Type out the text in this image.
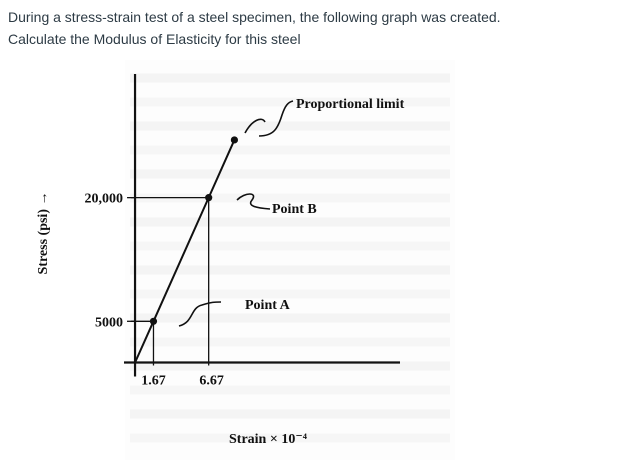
During a stress-strain test of a steel specimen, the following graph was created.

Calculate the Modulus of Elasticity for this steel

20,000
5000
1.67 6.67
Strain × 10⁻⁴
Stress (psi) →
Point A
Point B
Proportional limit
